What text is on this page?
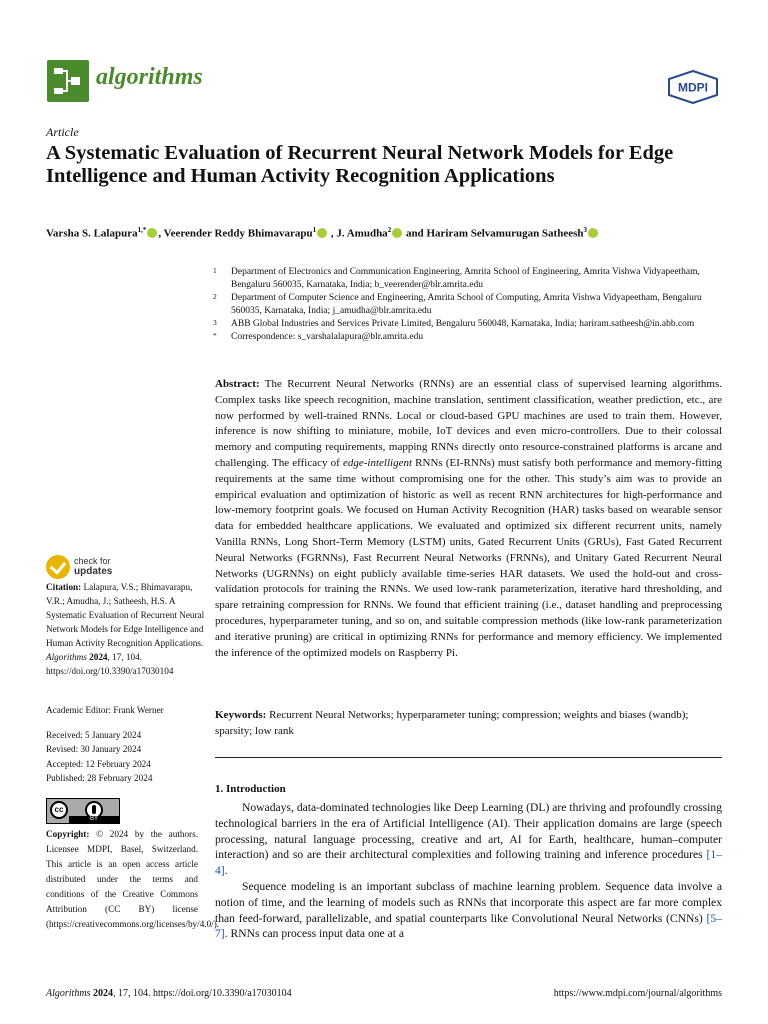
algorithms	MDPI
Article
A Systematic Evaluation of Recurrent Neural Network Models for Edge Intelligence and Human Activity Recognition Applications
Varsha S. Lalapura$^{1,*}$ , Veerender Reddy Bhimavarapu$^1$ , J. Amudha$^2$ and Hariram Selvamurugan Satheesh$^3$
1 Department of Electronics and Communication Engineering, Amrita School of Engineering, Amrita Vishwa Vidyapeetham, Bengaluru 560035, Karnataka, India; b_veerender@blr.amrita.edu
2 Department of Computer Science and Engineering, Amrita School of Computing, Amrita Vishwa Vidyapeetham, Bengaluru 560035, Karnataka, India; j_amudha@blr.amrita.edu
3 ABB Global Industries and Services Private Limited, Bengaluru 560048, Karnataka, India; hariram.satheesh@in.abb.com
* Correspondence: s_varshalalapura@blr.amrita.edu
Abstract: The Recurrent Neural Networks (RNNs) are an essential class of supervised learning algorithms. Complex tasks like speech recognition, machine translation, sentiment classification, weather prediction, etc., are now performed by well-trained RNNs. Local or cloud-based GPU machines are used to train them. However, inference is now shifting to miniature, mobile, IoT devices and even micro-controllers. Due to their colossal memory and computing requirements, mapping RNNs directly onto resource-constrained platforms is arcane and challenging. The efficacy of edge-intelligent RNNs (EI-RNNs) must satisfy both performance and memory-fitting requirements at the same time without compromising one for the other. This study’s aim was to provide an empirical evaluation and optimization of historic as well as recent RNN architectures for high-performance and low-memory footprint goals. We focused on Human Activity Recognition (HAR) tasks based on wearable sensor data for embedded healthcare applications. We evaluated and optimized six different recurrent units, namely Vanilla RNNs, Long Short-Term Memory (LSTM) units, Gated Recurrent Units (GRUs), Fast Gated Recurrent Neural Networks (FGRNNs), Fast Recurrent Neural Networks (FRNNs), and Unitary Gated Recurrent Neural Networks (UGRNNs) on eight publicly available time-series HAR datasets. We used the hold-out and cross-validation protocols for training the RNNs. We used low-rank parameterization, iterative hard thresholding, and spare retraining compression for RNNs. We found that efficient training (i.e., dataset handling and preprocessing procedures, hyperparameter tuning, and so on, and suitable compression methods (like low-rank parameterization and iterative pruning) are critical in optimizing RNNs for performance and memory efficiency. We implemented the inference of the optimized models on Raspberry Pi.
Keywords: Recurrent Neural Networks; hyperparameter tuning; compression; weights and biases (wandb); sparsity; low rank
1. Introduction

Nowadays, data-dominated technologies like Deep Learning (DL) are thriving and profoundly crossing technological barriers in the era of Artificial Intelligence (AI). Their application domains are large (speech processing, natural language processing, creative and art, AI for Earth, healthcare, human–computer interaction) and so are their architectural complexities and following training and inference procedures [1–4].

Sequence modeling is an important subclass of machine learning problem. Sequence data involve a notion of time, and the learning of models such as RNNs that incorporate this aspect are far more complex than feed-forward, parallelizable, and spatial counterparts like Convolutional Neural Networks (CNNs) [5–7]. RNNs can process input data one at a

check for
updates
Citation: Lalapura, V.S.; Bhimavarapu, V.R.; Amudha, J.; Satheesh, H.S. A Systematic Evaluation of Recurrent Neural Network Models for Edge Intelligence and Human Activity Recognition Applications. Algorithms 2024, 17, 104. https://doi.org/10.3390/a17030104
Academic Editor: Frank Werner
Received: 5 January 2024
Revised: 30 January 2024
Accepted: 12 February 2024
Published: 28 February 2024
cc
BY
Copyright: © 2024 by the authors. Licensee MDPI, Basel, Switzerland. This article is an open access article distributed under the terms and conditions of the Creative Commons Attribution (CC BY) license (https://creativecommons.org/licenses/by/4.0/).
Algorithms 2024, 17, 104. https://doi.org/10.3390/a17030104	https://www.mdpi.com/journal/algorithms
